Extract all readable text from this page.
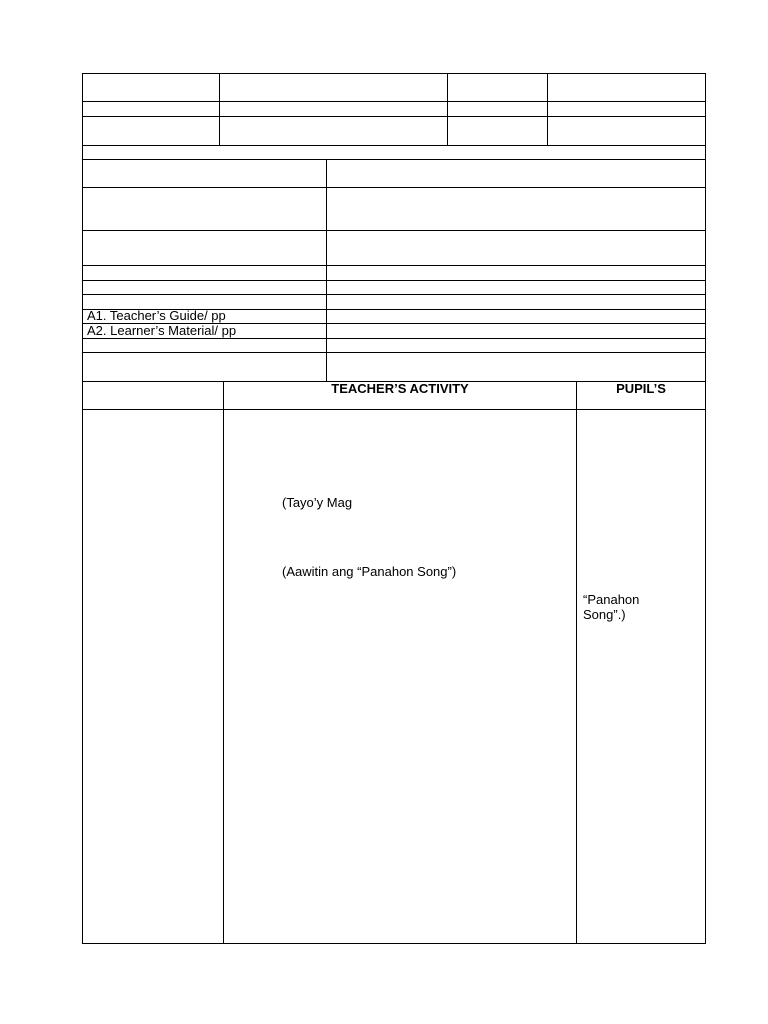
A1. Teacher’s Guide/ pp
A2. Learner’s Material/ pp
TEACHER’S ACTIVITY	PUPIL’S
(Tayo’y Mag
(Aawitin ang “Panahon Song”)
“Panahon
Song”.)
